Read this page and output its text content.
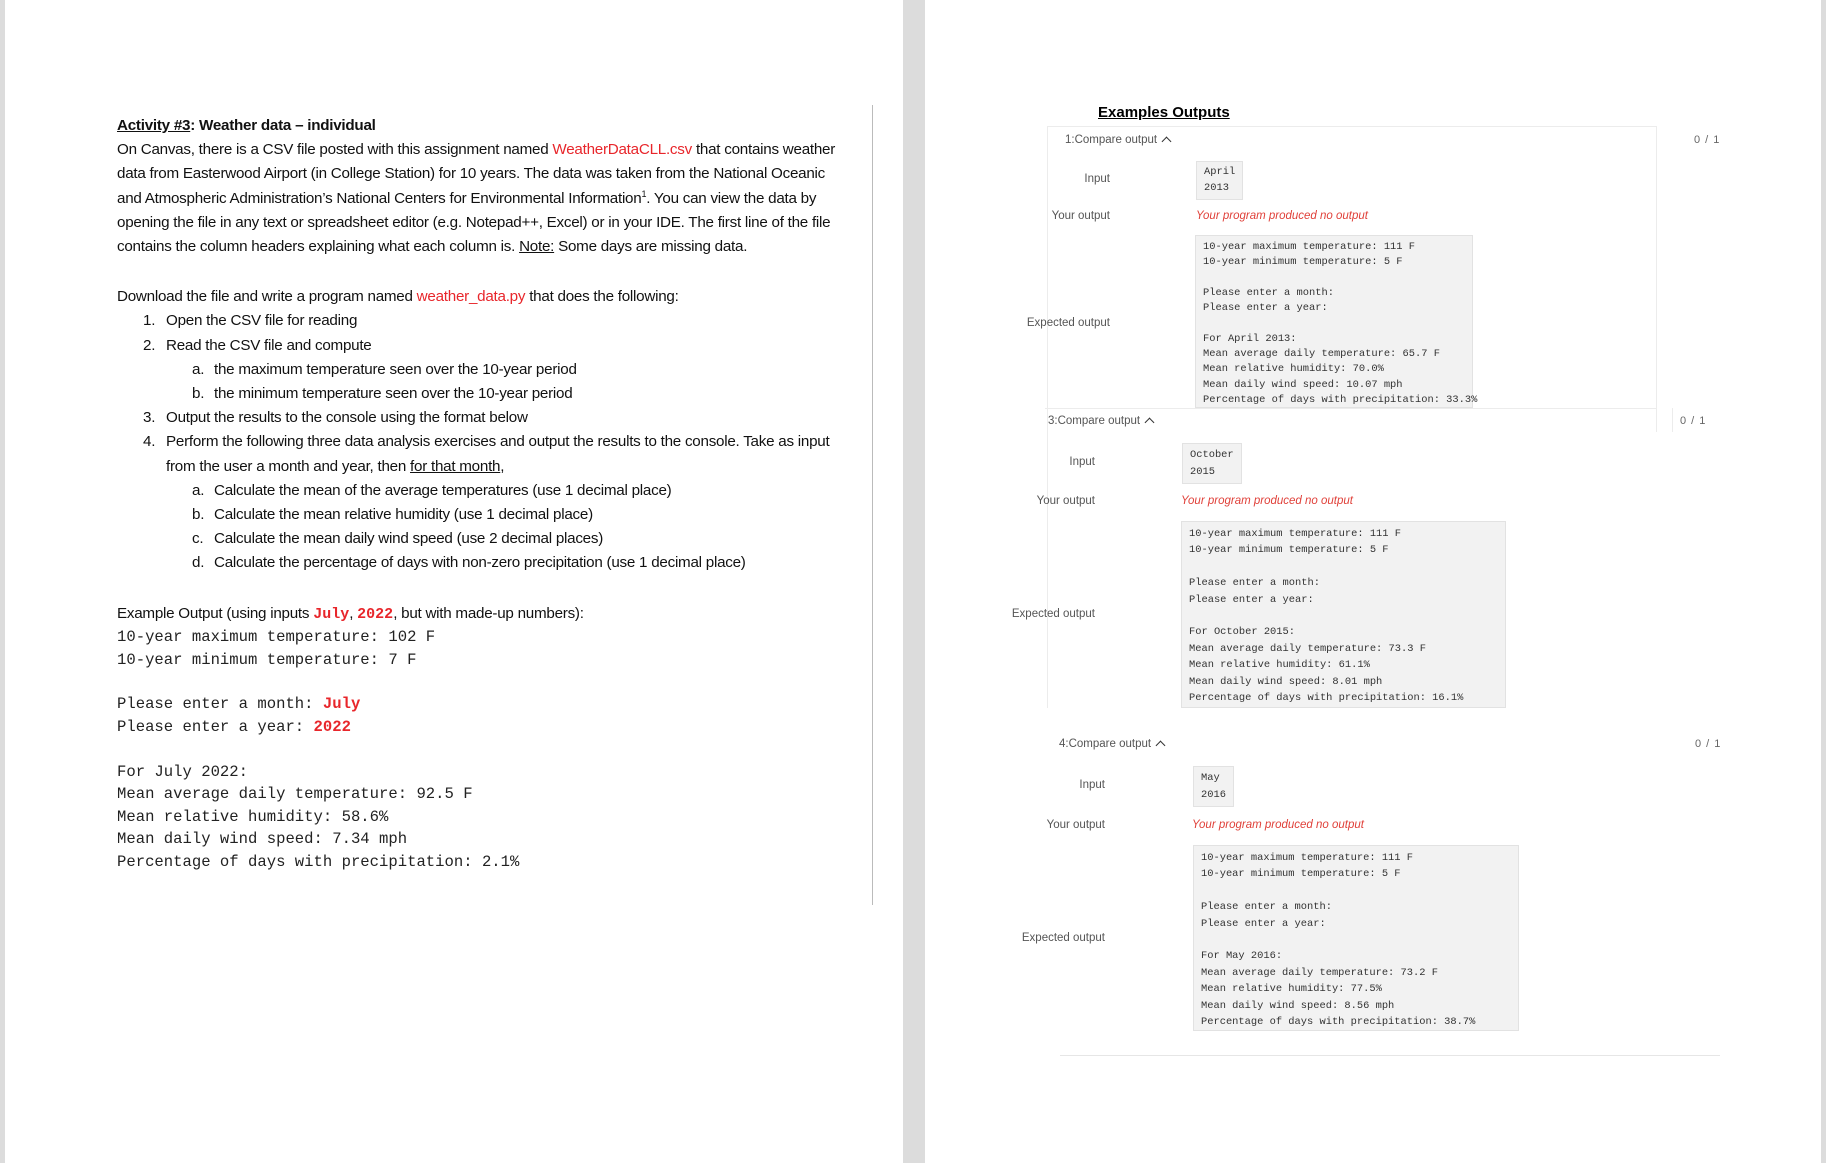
Activity #3: Weather data – individual

On Canvas, there is a CSV file posted with this assignment named WeatherDataCLL.csv that contains weather
data from Easterwood Airport (in College Station) for 10 years. The data was taken from the National Oceanic
and Atmospheric Administration’s National Centers for Environmental Information$^1$. You can view the data by
opening the file in any text or spreadsheet editor (e.g. Notepad++, Excel) or in your IDE. The first line of the file
contains the column headers explaining what each column is. Note: Some days are missing data.

Download the file and write a program named weather_data.py that does the following:

1. Open the CSV file for reading
2. Read the CSV file and compute
a. the maximum temperature seen over the 10-year period
b. the minimum temperature seen over the 10-year period
3. Output the results to the console using the format below
4. Perform the following three data analysis exercises and output the results to the console. Take as input
from the user a month and year, then for that month,
a. Calculate the mean of the average temperatures (use 1 decimal place)
b. Calculate the mean relative humidity (use 1 decimal place)
c. Calculate the mean daily wind speed (use 2 decimal places)
d. Calculate the percentage of days with non-zero precipitation (use 1 decimal place)

Example Output (using inputs July, 2022, but with made-up numbers):

10-year maximum temperature: 102 F
10-year minimum temperature: 7 F
Please enter a month: July
Please enter a year: 2022
For July 2022:
Mean average daily temperature: 92.5 F
Mean relative humidity: 58.6%
Mean daily wind speed: 7.34 mph
Percentage of days with precipitation: 2.1%
Examples Outputs
1:Compare output	0 / 1
Input
April
2013
Your output	Your program produced no output
Expected output
10-year maximum temperature: 111 F
10-year minimum temperature: 5 F

Please enter a month:
Please enter a year:

For April 2013:
Mean average daily temperature: 65.7 F
Mean relative humidity: 70.0%
Mean daily wind speed: 10.07 mph
Percentage of days with precipitation: 33.3%
3:Compare output	0 / 1
Input
October
2015
Your output	Your program produced no output
Expected output
10-year maximum temperature: 111 F
10-year minimum temperature: 5 F

Please enter a month:
Please enter a year:

For October 2015:
Mean average daily temperature: 73.3 F
Mean relative humidity: 61.1%
Mean daily wind speed: 8.01 mph
Percentage of days with precipitation: 16.1%
4:Compare output	0 / 1
Input
May
2016
Your output	Your program produced no output
Expected output
10-year maximum temperature: 111 F
10-year minimum temperature: 5 F

Please enter a month:
Please enter a year:

For May 2016:
Mean average daily temperature: 73.2 F
Mean relative humidity: 77.5%
Mean daily wind speed: 8.56 mph
Percentage of days with precipitation: 38.7%
